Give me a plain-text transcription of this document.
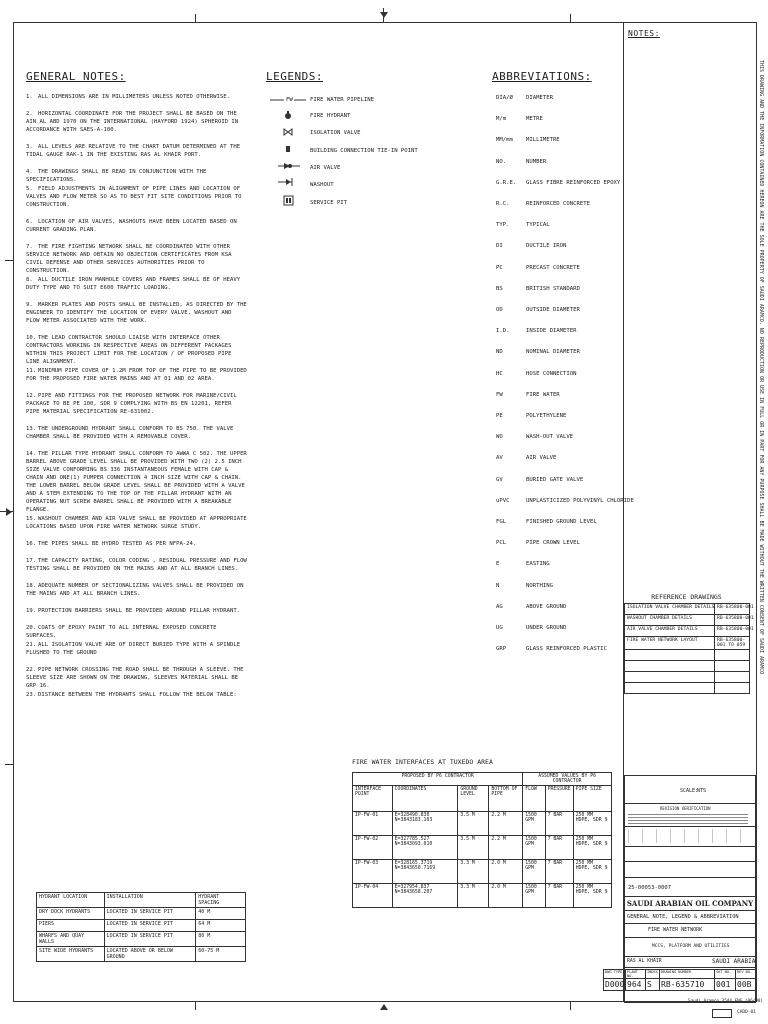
NOTES:
THIS DRAWING AND THE INFORMATION CONTAINED HEREON ARE THE SOLE PROPERTY OF SAUDI ARAMCO. NO REPRODUCTION OR USE IN FULL OR IN PART FOR ANY PURPOSE SHALL BE MADE WITHOUT THE WRITTEN CONSENT OF SAUDI ARAMCO
GENERAL NOTES:
1. ALL DIMENSIONS ARE IN MILLIMETERS UNLESS NOTED OTHERWISE.
2. HORIZONTAL COORDINATE FOR THE PROJECT SHALL BE BASED ON THE AIN AL ABD 1970 ON THE INTERNATIONAL (HAYFORD 1924) SPHEROID IN ACCORDANCE WITH SAES-A-100.
3. ALL LEVELS ARE RELATIVE TO THE CHART DATUM DETERMINED AT THE TIDAL GAUGE RAK-1 IN THE EXISTING RAS AL KHAIR PORT.
4. THE DRAWINGS SHALL BE READ IN CONJUNCTION WITH THE SPECIFICATIONS.
5. FIELD ADJUSTMENTS IN ALIGNMENT OF PIPE LINES AND LOCATION OF VALVES AND FLOW METER SO AS TO BEST FIT SITE CONDITIONS PRIOR TO CONSTRUCTION.
6. LOCATION OF AIR VALVES, WASHOUTS HAVE BEEN LOCATED BASED ON CURRENT GRADING PLAN.
7. THE FIRE FIGHTING NETWORK SHALL BE COORDINATED WITH OTHER SERVICE NETWORK AND OBTAIN NO OBJECTION CERTIFICATES FROM KSA CIVIL DEFENSE AND OTHER SERVICES AUTHORITIES PRIOR TO CONSTRUCTION.
8. ALL DUCTILE IRON MANHOLE COVERS AND FRAMES SHALL BE OF HEAVY DUTY TYPE AND TO SUIT E600 TRAFFIC LOADING.
9. MARKER PLATES AND POSTS SHALL BE INSTALLED, AS DIRECTED BY THE ENGINEER TO IDENTIFY THE LOCATION OF EVERY VALVE, WASHOUT AND FLOW METER ASSOCIATED WITH THE WORK.
10. THE LEAD CONTRACTOR SHOULD LIAISE WITH INTERFACE OTHER CONTRACTORS WORKING IN RESPECTIVE AREAS ON DIFFERENT PACKAGES WITHIN THIS PROJECT LIMIT FOR THE LOCATION / OF PROPOSED PIPE LINE ALIGNMENT.
11. MINIMUM PIPE COVER OF 1.2M FROM TOP OF THE PIPE TO BE PROVIDED FOR THE PROPOSED FIRE WATER MAINS AND AT 01 AND 02 AREA.
12. PIPE AND FITTINGS FOR THE PROPOSED NETWORK FOR MARINE/CIVIL PACKAGE TO BE PE 100, SDR 9 COMPLYING WITH BS EN 12201, REFER PIPE MATERIAL SPECIFICATION RE-631002.
13. THE UNDERGROUND HYDRANT SHALL CONFORM TO BS 750. THE VALVE CHAMBER SHALL BE PROVIDED WITH A REMOVABLE COVER.
14. THE PILLAR TYPE HYDRANT SHALL CONFORM TO AWWA C 502. THE UPPER BARREL ABOVE GRADE LEVEL SHALL BE PROVIDED WITH TWO (2) 2.5 INCH SIZE VALVE CONFORMING BS 336 INSTANTANEOUS FEMALE WITH CAP & CHAIN AND ONE(1) PUMPER CONNECTION 4 INCH SIZE WITH CAP & CHAIN. THE LOWER BARREL BELOW GRADE LEVEL SHALL BE PROVIDED WITH A VALVE AND A STEM EXTENDING TO THE TOP OF THE PILLAR HYDRANT WITH AN OPERATING NUT SCREW BARREL SHALL BE PROVIDED WITH A BREAKABLE FLANGE.
15. WASHOUT CHAMBER AND AIR VALVE SHALL BE PROVIDED AT APPROPRIATE LOCATIONS BASED UPON FIRE WATER NETWORK SURGE STUDY.
16. THE PIPES SHALL BE HYDRO TESTED AS PER NFPA-24.
17. THE CAPACITY RATING, COLOR CODING , RESIDUAL PRESSURE AND FLOW TESTING SHALL BE PROVIDED ON THE MAINS AND AT ALL BRANCH LINES.
18. ADEQUATE NUMBER OF SECTIONALIZING VALVES SHALL BE PROVIDED ON THE MAINS AND AT ALL BRANCH LINES.
19. PROTECTION BARRIERS SHALL BE PROVIDED AROUND PILLAR HYDRANT.
20. COATS OF EPOXY PAINT TO ALL INTERNAL EXPOSED CONCRETE SURFACES.
21. ALL ISOLATION VALVE ARE OF DIRECT BURIED TYPE WITH A SPINDLE FLUSHED TO THE GROUND
22. PIPE NETWORK CROSSING THE ROAD SHALL BE THROUGH A SLEEVE. THE SLEEVE SIZE ARE SHOWN ON THE DRAWING, SLEEVES MATERIAL SHALL BE GRP 16.
23. DISTANCE BETWEEN THE HYDRANTS SHALL FOLLOW THE BELOW TABLE:
HYDRANT LOCATION	INSTALLATION	HYDRANT SPACING
DRY DOCK HYDRANTS	LOCATED IN SERVICE PIT	40 M
PIERS	LOCATED IN SERVICE PIT	64 M
WHARFS AND QUAY WALLS	LOCATED IN SERVICE PIT	80 M
SITE WIDE HYDRANTS	LOCATED ABOVE OR BELOW GROUND	60-75 M
LEGENDS:
FW	FIRE WATER PIPELINE
FIRE HYDRANT
ISOLATION VALVE
BUILDING CONNECTION TIE-IN POINT
AIR VALVE
WASHOUT
SERVICE PIT
ABBREVIATIONS:
DIA/Ø	DIAMETER
M/m	METRE
MM/mm	MILLIMETRE
NO.	NUMBER
G.R.E.	GLASS FIBRE REINFORCED EPOXY
R.C.	REINFORCED CONCRETE
TYP.	TYPICAL
DI	DUCTILE IRON
PC	PRECAST CONCRETE
BS	BRITISH STANDARD
OD	OUTSIDE DIAMETER
I.D.	INSIDE DIAMETER
ND	NOMINAL DIAMETER
HC	HOSE CONNECTION
FW	FIRE WATER
PE	POLYETHYLENE
WO	WASH-OUT VALVE
AV	AIR VALVE
GV	BURIED GATE VALVE
uPVC	UNPLASTICIZED POLYVINYL CHLORIDE
FGL	FINISHED GROUND LEVEL
PCL	PIPE CROWN LEVEL
E	EASTING
N	NORTHING
AG	ABOVE GROUND
UG	UNDER GROUND
GRP	GLASS REINFORCED PLASTIC
FIRE WATER INTERFACES AT TUXEDO AREA
PROPOSED BY P6 CONTRACTOR				ASSUMED VALUES BY P6 CONTRACTOR		
INTERFACE POINT	COORDINATES	GROUND LEVEL	BOTTOM OF PIPE	FLOW	PRESSURE	PIPE SIZE
IP-FW-01	E=328490.830 N=3843183.103	3.5 M	2.2 M	1500 GPM	7 BAR	250 MM HDPE, SDR 9
IP-FW-02	E=327785.527 N=3843093.010	3.5 M	2.2 M	1500 GPM	7 BAR	250 MM HDPE, SDR 9
IP-FW-03	E=328165.3719 N=3843650.7169	3.3 M	2.0 M	1500 GPM	7 BAR	250 MM HDPE, SDR 9
IP-FW-04	E=327954.837 N=3843658.207	3.3 M	2.0 M	1500 GPM	7 BAR	250 MM HDPE, SDR 9
REFERENCE DRAWINGS
ISOLATION VALVE CHAMBER DETAILS	RB-635800-001
WASHOUT CHAMBER DETAILS	RB-635800-001
AIR VALVE CHAMBER DETAILS	RB-635800-001
FIRE WATER NETWORK LAYOUT	RB-635800-001 TO 059

SCALE:
NTS
REVISION VERIFICATION
25-00053-0007
SAUDI ARABIAN OIL COMPANY
GENERAL NOTE, LEGEND & ABBREVIATION
FIRE WATER NETWORK
MCCS, PLATFORM AND UTILITIES
RAS AL KHAIR	SAUDI ARABIA
DWG TYPE	PLANT NO.	INDEX	DRAWING NUMBER	SHT NO.	REV NO.
D000	964	S	RB-635710	001	00B
Saudi Aramco 3544 ENG (06/98)
CADD-01
